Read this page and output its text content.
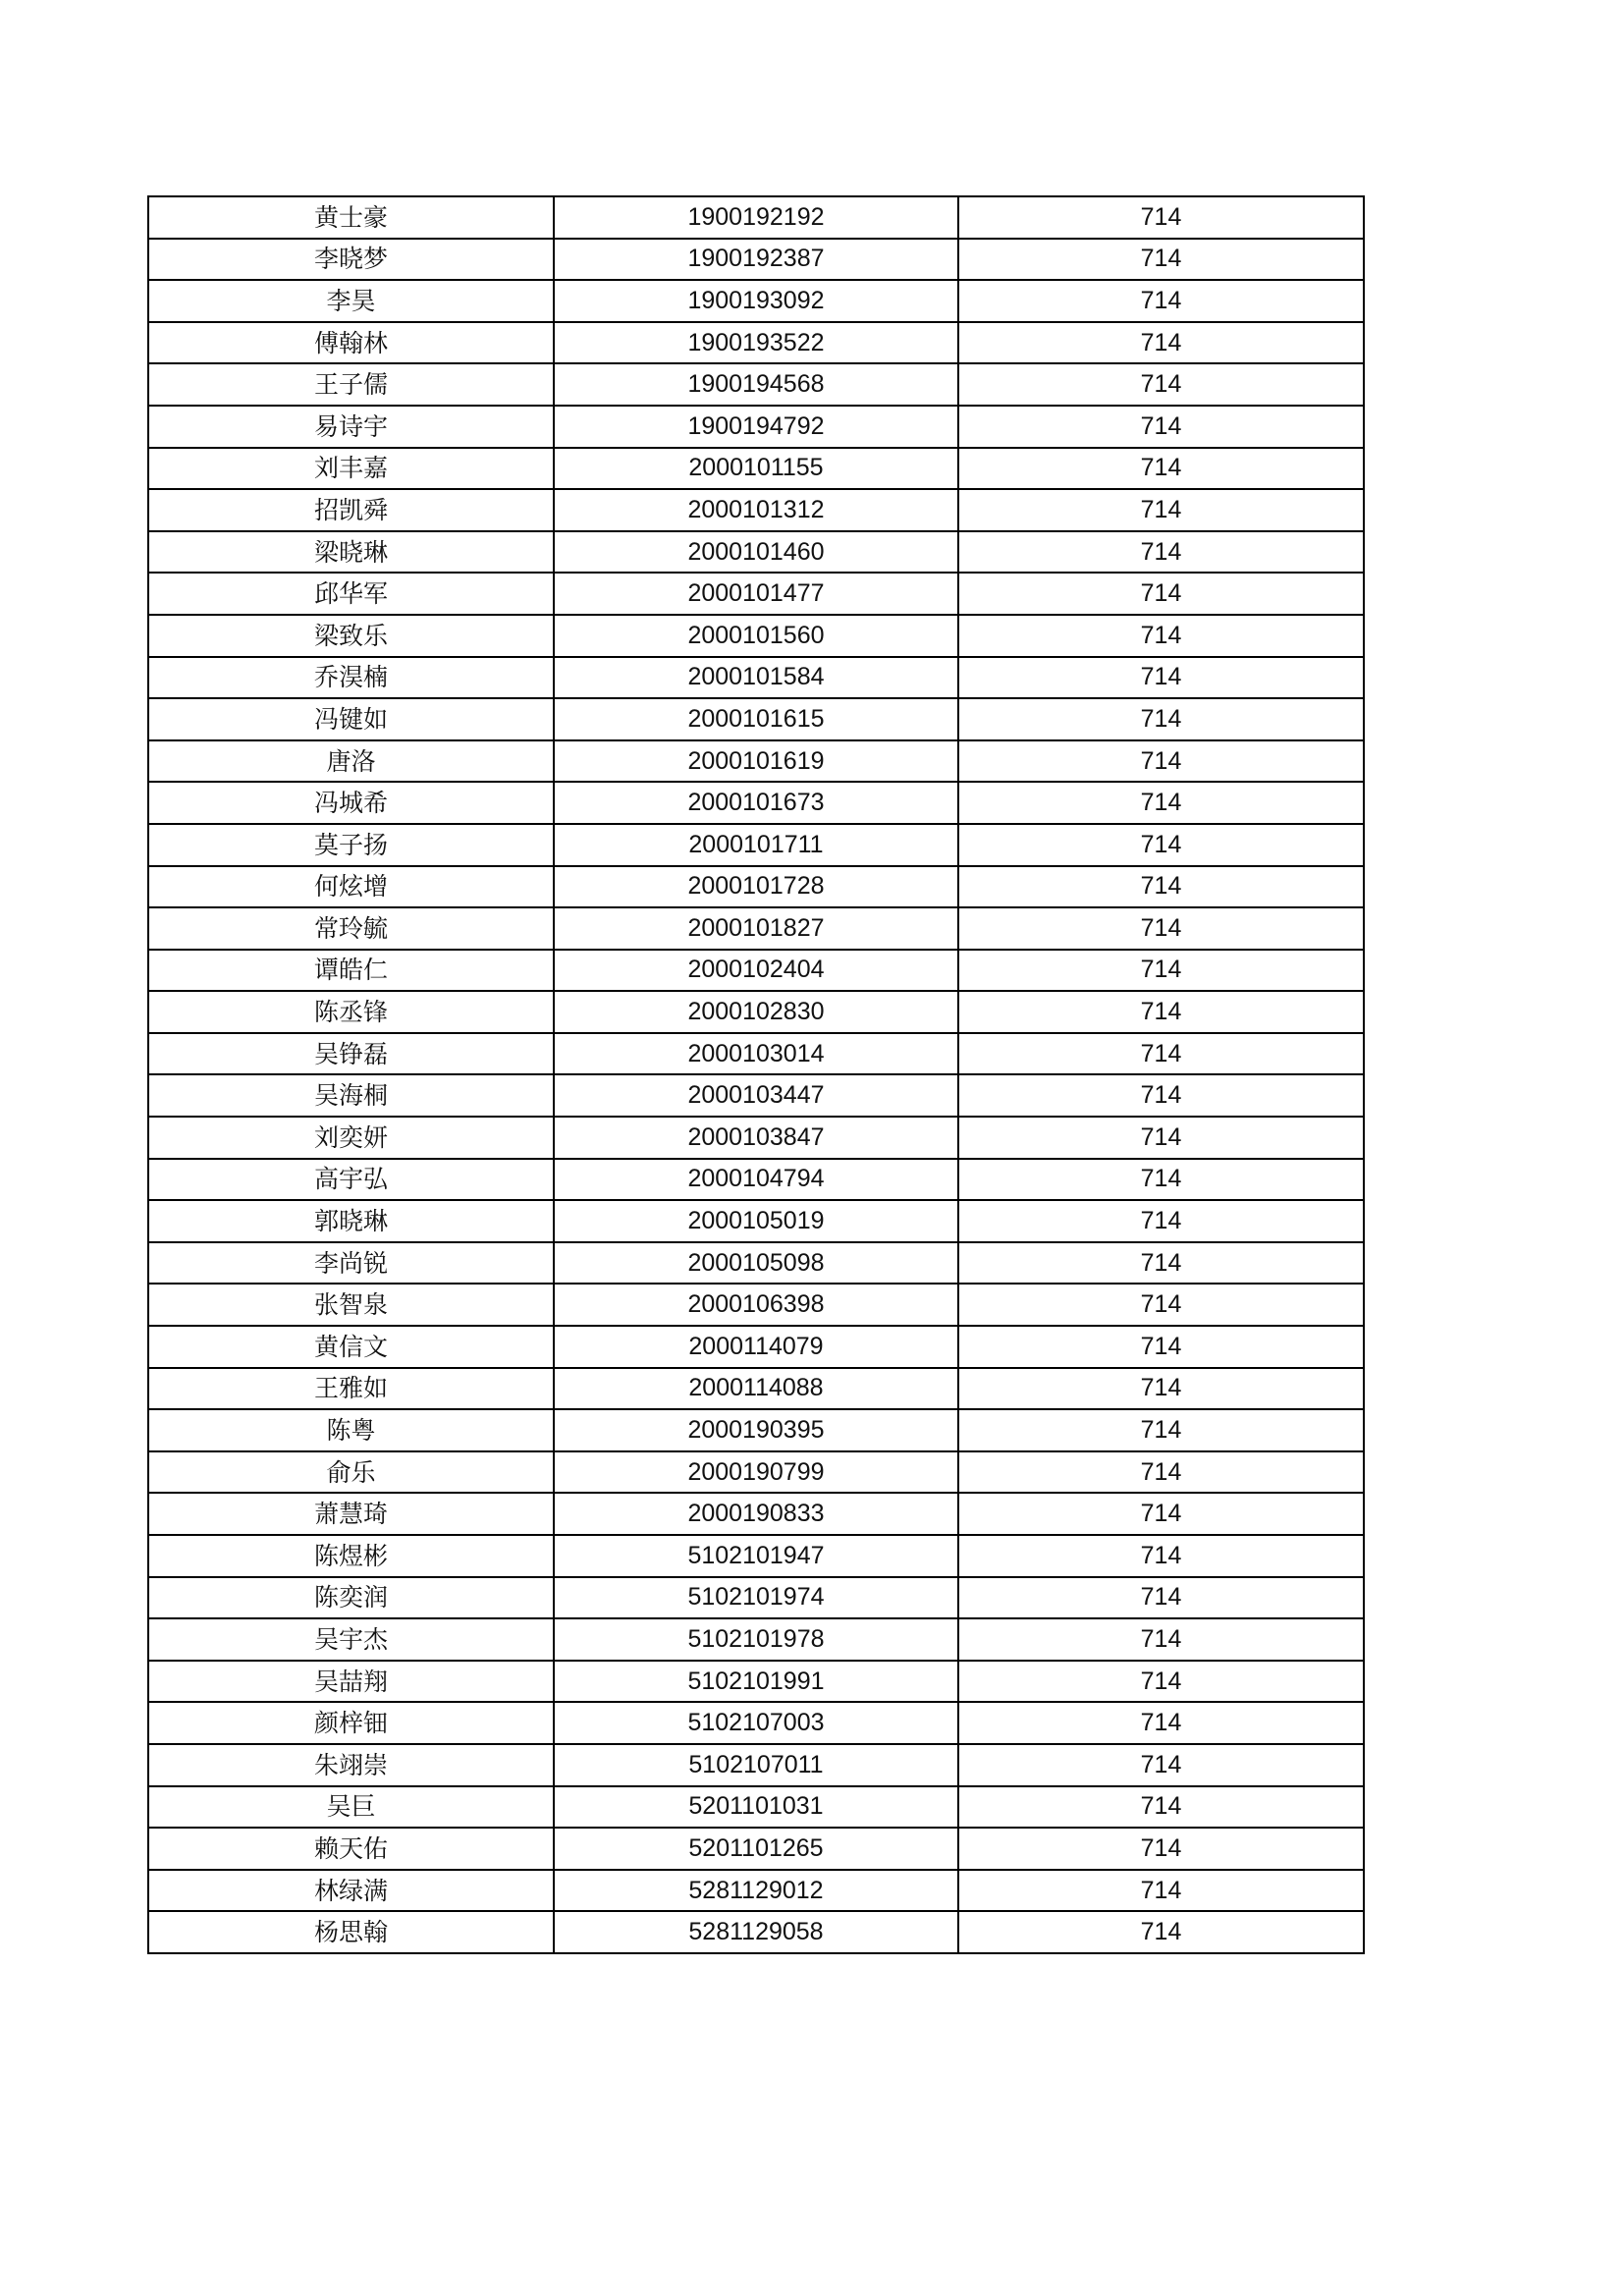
黄士豪	1900192192	714
李晓梦	1900192387	714
李昊	1900193092	714
傅翰林	1900193522	714
王子儒	1900194568	714
易诗宇	1900194792	714
刘丰嘉	2000101155	714
招凯舜	2000101312	714
梁晓琳	2000101460	714
邱华军	2000101477	714
梁致乐	2000101560	714
乔淏楠	2000101584	714
冯键如	2000101615	714
唐洛	2000101619	714
冯城希	2000101673	714
莫子扬	2000101711	714
何炫增	2000101728	714
常玲毓	2000101827	714
谭皓仁	2000102404	714
陈丞锋	2000102830	714
吴铮磊	2000103014	714
吴海桐	2000103447	714
刘奕妍	2000103847	714
高宇弘	2000104794	714
郭晓琳	2000105019	714
李尚锐	2000105098	714
张智泉	2000106398	714
黄信文	2000114079	714
王雅如	2000114088	714
陈粤	2000190395	714
俞乐	2000190799	714
萧慧琦	2000190833	714
陈煜彬	5102101947	714
陈奕润	5102101974	714
吴宇杰	5102101978	714
吴喆翔	5102101991	714
颜梓钿	5102107003	714
朱翊崇	5102107011	714
吴巨	5201101031	714
赖天佑	5201101265	714
林绿满	5281129012	714
杨思翰	5281129058	714
